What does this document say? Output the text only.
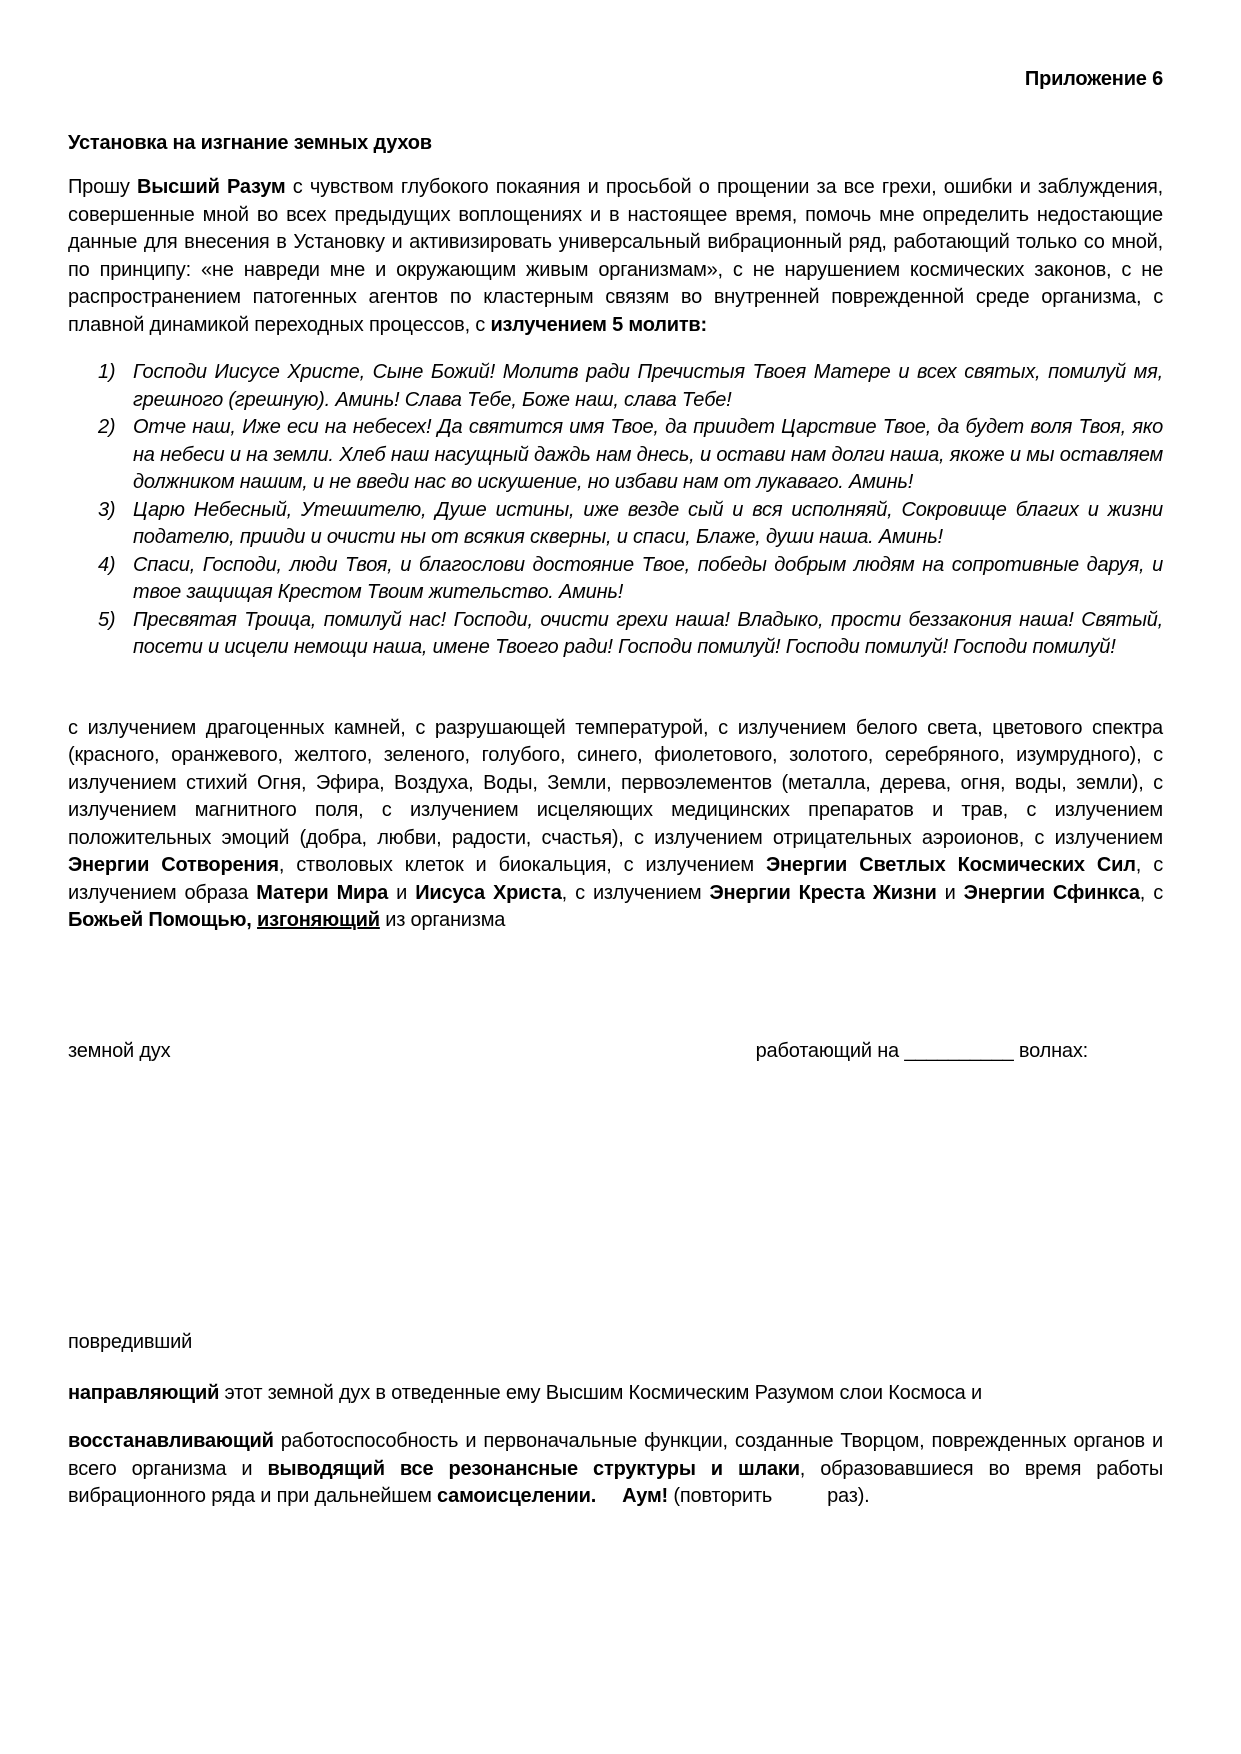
Приложение 6
Установка на изгнание земных духов

Прошу Высший Разум с чувством глубокого покаяния и просьбой о прощении за все грехи, ошибки и заблуждения, совершенные мной во всех предыдущих воплощениях и в настоящее время, помочь мне определить недостающие данные для внесения в Установку и активизировать универсальный вибрационный ряд, работающий только со мной, по принципу: «не навреди мне и окружающим живым организмам», с не нарушением космических законов, с не распространением патогенных агентов по кластерным связям во внутренней поврежденной среде организма, с плавной динамикой переходных процессов, с излучением 5 молитв:

1) Господи Иисусе Христе, Сыне Божий! Молитв ради Пречистыя Твоея Матере и всех святых, помилуй мя, грешного (грешную). Аминь! Слава Тебе, Боже наш, слава Тебе!
2) Отче наш, Иже еси на небесех! Да святится имя Твое, да приидет Царствие Твое, да будет воля Твоя, яко на небеси и на земли. Хлеб наш насущный даждь нам днесь, и остави нам долги наша, якоже и мы оставляем должником нашим, и не введи нас во искушение, но избави нам от лукаваго. Аминь!
3) Царю Небесный, Утешителю, Душе истины, иже везде сый и вся исполняяй, Сокровище благих и жизни подателю, прииди и очисти ны от всякия скверны, и спаси, Блаже, души наша. Аминь!
4) Спаси, Господи, люди Твоя, и благослови достояние Твое, победы добрым людям на сопротивные даруя, и твое защищая Крестом Твоим жительство. Аминь!
5) Пресвятая Троица, помилуй нас! Господи, очисти грехи наша! Владыко, прости беззакония наша! Святый, посети и исцели немощи наша, имене Твоего ради! Господи помилуй! Господи помилуй! Господи помилуй!

с излучением драгоценных камней, с разрушающей температурой, с излучением белого света, цветового спектра (красного, оранжевого, желтого, зеленого, голубого, синего, фиолетового, золотого, серебряного, изумрудного), с излучением стихий Огня, Эфира, Воздуха, Воды, Земли, первоэлементов (металла, дерева, огня, воды, земли), с излучением магнитного поля, с излучением исцеляющих медицинских препаратов и трав, с излучением положительных эмоций (добра, любви, радости, счастья), с излучением отрицательных аэроионов, с излучением Энергии Сотворения, стволовых клеток и биокальция, с излучением Энергии Светлых Космических Сил, с излучением образа Матери Мира и Иисуса Христа, с излучением Энергии Креста Жизни и Энергии Сфинкса, с Божьей Помощью, изгоняющий из организма

земной дух	работающий на __________ волнах:
повредивший

направляющий этот земной дух в отведенные ему Высшим Космическим Разумом слои Космоса и

восстанавливающий работоспособность и первоначальные функции, созданные Творцом, поврежденных органов и всего организма и выводящий все резонансные структуры и шлаки, образовавшиеся во время работы вибрационного ряда и при дальнейшем самоисцелении. Аум! (повторить	раз).
